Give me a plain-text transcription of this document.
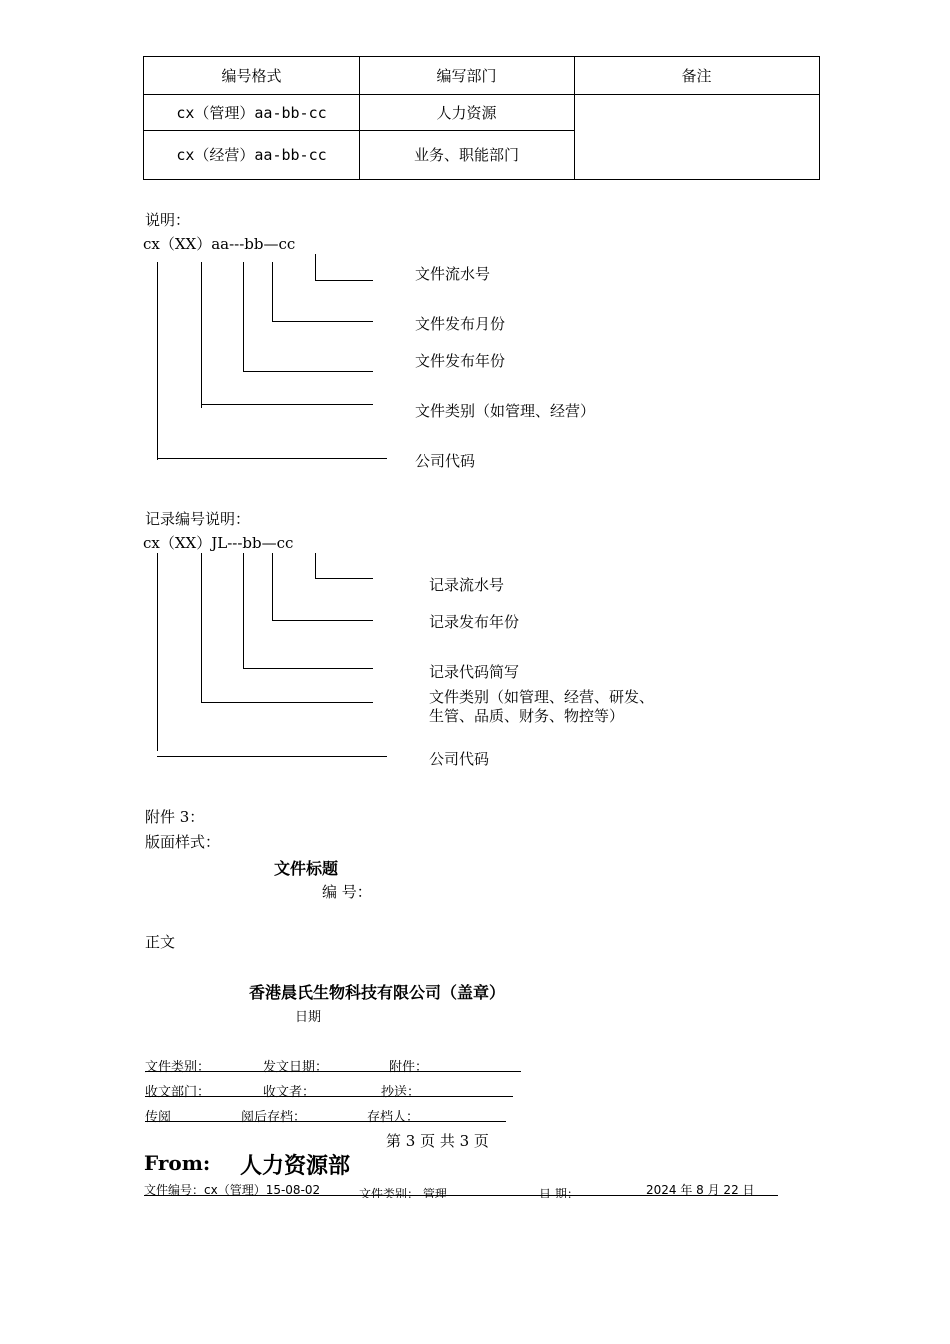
编号格式	编写部门	备注
cx（管理）aa-bb-cc	人力资源
cx（经营）aa-bb-cc	业务、职能部门
说明：
cx（XX）aa---bb—cc
文件流水号
文件发布月份
文件发布年份
文件类别（如管理、经营）
公司代码
记录编号说明：
cx（XX）JL---bb—cc
记录流水号
记录发布年份
记录代码简写
文件类别（如管理、经营、研发、
生管、品质、财务、物控等）
公司代码
附件 3：
版面样式：
文件标题
编 号：
正文
香港晨氏生物科技有限公司（盖章）
日期
文件类别：	发文日期：	附件：
收文部门：	收文者：	抄送：
传阅	阅后存档：	存档人：
第 3 页 共 3 页
From: 人力资源部
文件编号：cx（管理）15-08-02	文件类别： 管理	日 期：	2024 年 8 月 22 日
